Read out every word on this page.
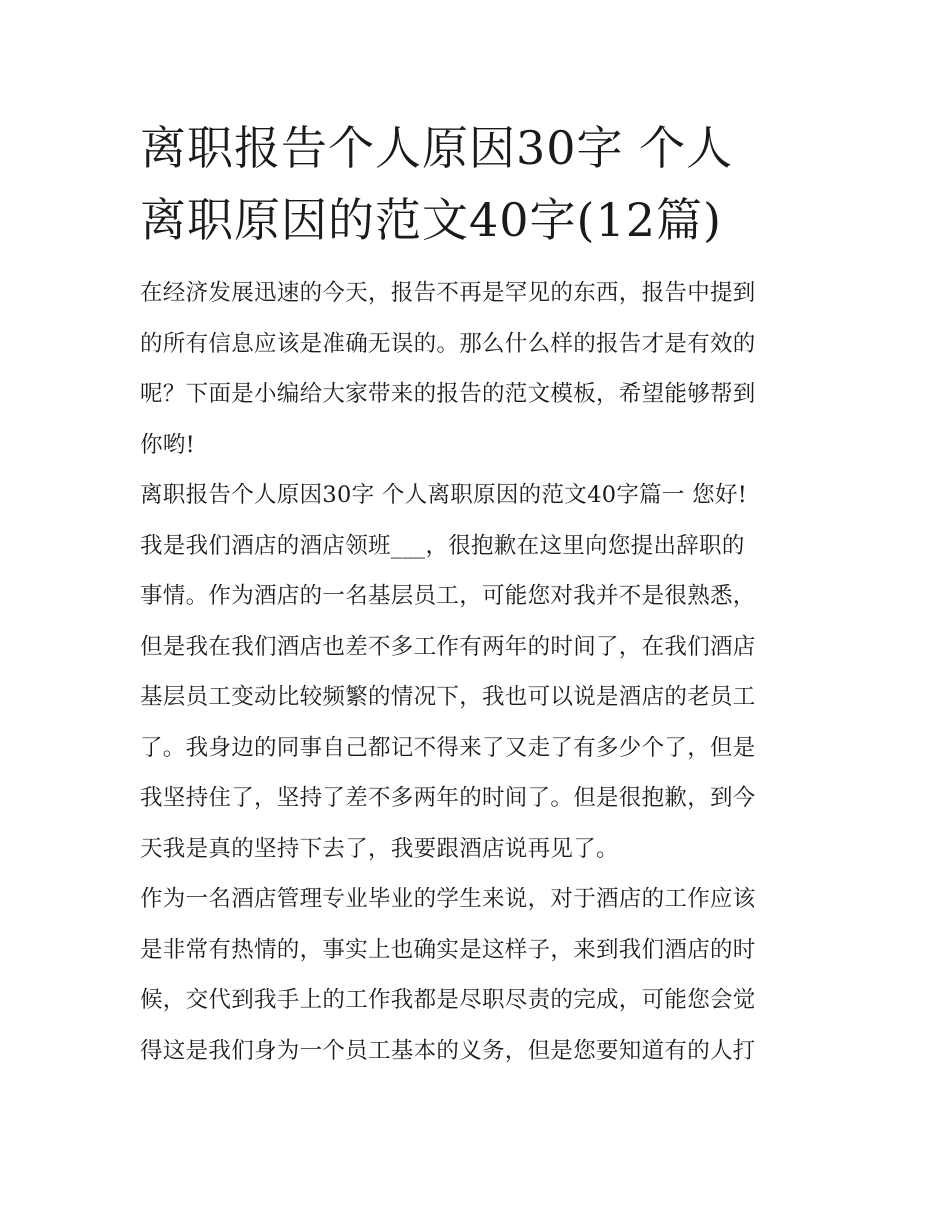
离职报告个人原因30字 个人
离职原因的范文40字(12篇)

在经济发展迅速的今天，报告不再是罕见的东西，报告中提到
的所有信息应该是准确无误的。那么什么样的报告才是有效的
呢？下面是小编给大家带来的报告的范文模板，希望能够帮到
你哟!

离职报告个人原因30字 个人离职原因的范文40字篇一 您好!
我是我们酒店的酒店领班___，很抱歉在这里向您提出辞职的
事情。作为酒店的一名基层员工，可能您对我并不是很熟悉，
但是我在我们酒店也差不多工作有两年的时间了，在我们酒店
基层员工变动比较频繁的情况下，我也可以说是酒店的老员工
了。我身边的同事自己都记不得来了又走了有多少个了，但是
我坚持住了，坚持了差不多两年的时间了。但是很抱歉，到今
天我是真的坚持下去了，我要跟酒店说再见了。

作为一名酒店管理专业毕业的学生来说，对于酒店的工作应该
是非常有热情的，事实上也确实是这样子，来到我们酒店的时
候，交代到我手上的工作我都是尽职尽责的完成，可能您会觉
得这是我们身为一个员工基本的义务，但是您要知道有的人打
